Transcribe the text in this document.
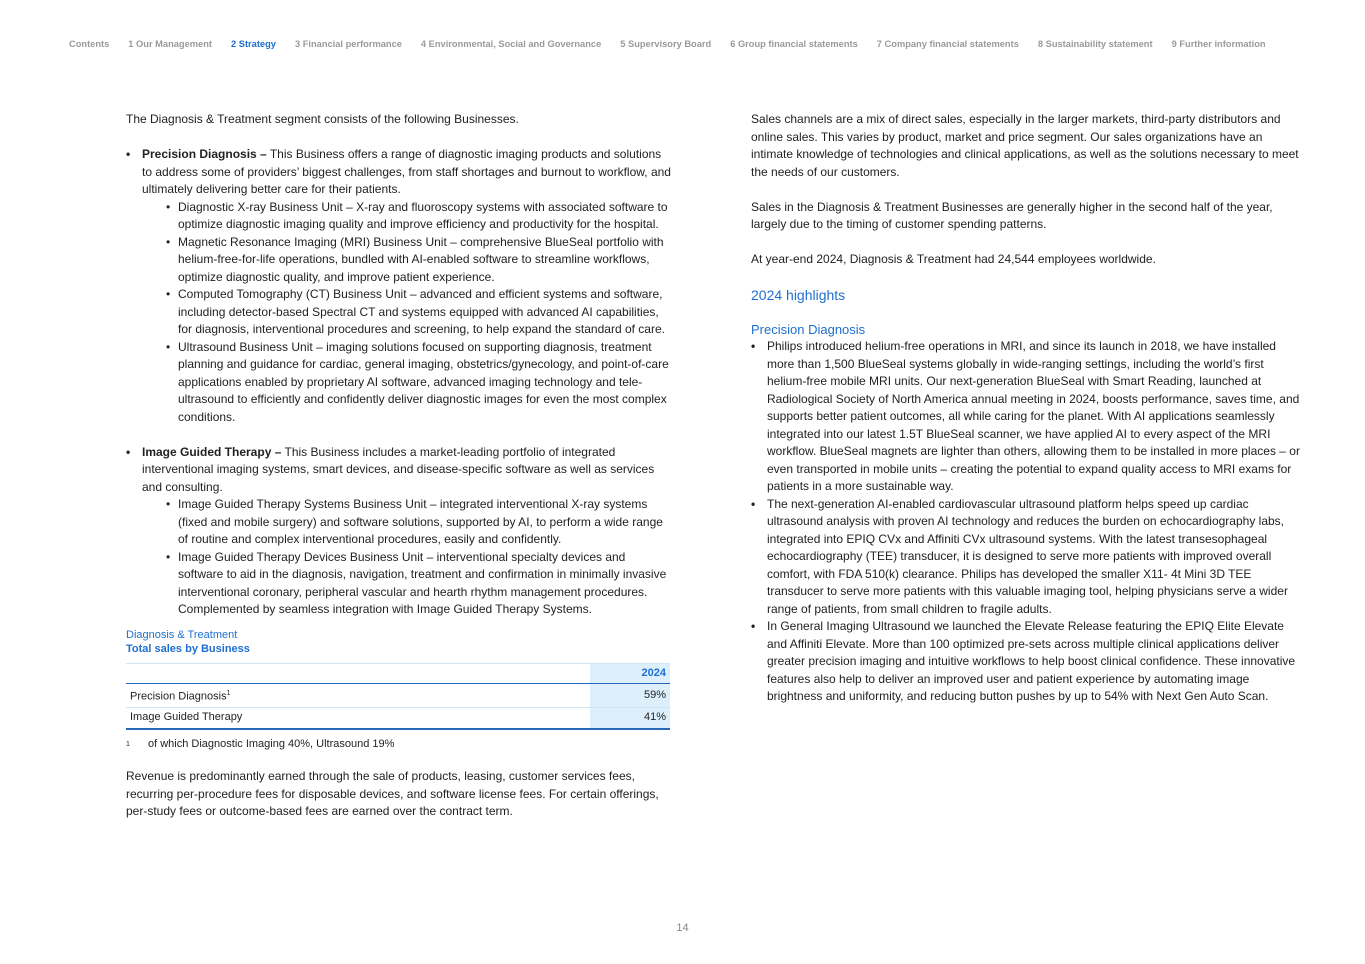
Contents 1 Our Management 2 Strategy 3 Financial performance 4 Environmental, Social and Governance 5 Supervisory Board 6 Group financial statements 7 Company financial statements 8 Sustainability statement 9 Further information

The Diagnosis & Treatment segment consists of the following Businesses.

• Precision Diagnosis – This Business offers a range of diagnostic imaging products and solutions to address some of providers’ biggest challenges, from staff shortages and burnout to workflow, and ultimately delivering better care for their patients.
• Diagnostic X-ray Business Unit – X-ray and fluoroscopy systems with associated software to optimize diagnostic imaging quality and improve efficiency and productivity for the hospital.
• Magnetic Resonance Imaging (MRI) Business Unit – comprehensive BlueSeal portfolio with helium-free-for-life operations, bundled with AI-enabled software to streamline workflows, optimize diagnostic quality, and improve patient experience.
• Computed Tomography (CT) Business Unit – advanced and efficient systems and software, including detector-based Spectral CT and systems equipped with advanced AI capabilities, for diagnosis, interventional procedures and screening, to help expand the standard of care.
• Ultrasound Business Unit – imaging solutions focused on supporting diagnosis, treatment planning and guidance for cardiac, general imaging, obstetrics/gynecology, and point-of-care applications enabled by proprietary AI software, advanced imaging technology and tele-ultrasound to efficiently and confidently deliver diagnostic images for even the most complex conditions.
• Image Guided Therapy – This Business includes a market-leading portfolio of integrated interventional imaging systems, smart devices, and disease-specific software as well as services and consulting.
• Image Guided Therapy Systems Business Unit – integrated interventional X-ray systems (fixed and mobile surgery) and software solutions, supported by AI, to perform a wide range of routine and complex interventional procedures, easily and confidently.
• Image Guided Therapy Devices Business Unit – interventional specialty devices and software to aid in the diagnosis, navigation, treatment and confirmation in minimally invasive interventional coronary, peripheral vascular and hearth rhythm management procedures. Complemented by seamless integration with Image Guided Therapy Systems.
Diagnosis & Treatment
Total sales by Business
	2024
Precision Diagnosis$^1$	59%
Image Guided Therapy	41%
1	of which Diagnostic Imaging 40%, Ultrasound 19%

Revenue is predominantly earned through the sale of products, leasing, customer services fees, recurring per-procedure fees for disposable devices, and software license fees. For certain offerings, per-study fees or outcome-based fees are earned over the contract term.

Sales channels are a mix of direct sales, especially in the larger markets, third-party distributors and online sales. This varies by product, market and price segment. Our sales organizations have an intimate knowledge of technologies and clinical applications, as well as the solutions necessary to meet the needs of our customers.

Sales in the Diagnosis & Treatment Businesses are generally higher in the second half of the year, largely due to the timing of customer spending patterns.

At year-end 2024, Diagnosis & Treatment had 24,544 employees worldwide.

2024 highlights
Precision Diagnosis
• Philips introduced helium-free operations in MRI, and since its launch in 2018, we have installed more than 1,500 BlueSeal systems globally in wide-ranging settings, including the world’s first helium-free mobile MRI units. Our next-generation BlueSeal with Smart Reading, launched at Radiological Society of North America annual meeting in 2024, boosts performance, saves time, and supports better patient outcomes, all while caring for the planet. With AI applications seamlessly integrated into our latest 1.5T BlueSeal scanner, we have applied AI to every aspect of the MRI workflow. BlueSeal magnets are lighter than others, allowing them to be installed in more places – or even transported in mobile units – creating the potential to expand quality access to MRI exams for patients in a more sustainable way.
• The next-generation AI-enabled cardiovascular ultrasound platform helps speed up cardiac ultrasound analysis with proven AI technology and reduces the burden on echocardiography labs, integrated into EPIQ CVx and Affiniti CVx ultrasound systems. With the latest transesophageal echocardiography (TEE) transducer, it is designed to serve more patients with improved overall comfort, with FDA 510(k) clearance. Philips has developed the smaller X11- 4t Mini 3D TEE transducer to serve more patients with this valuable imaging tool, helping physicians serve a wider range of patients, from small children to fragile adults.
• In General Imaging Ultrasound we launched the Elevate Release featuring the EPIQ Elite Elevate and Affiniti Elevate. More than 100 optimized pre-sets across multiple clinical applications deliver greater precision imaging and intuitive workflows to help boost clinical confidence. These innovative features also help to deliver an improved user and patient experience by automating image brightness and uniformity, and reducing button pushes by up to 54% with Next Gen Auto Scan.
14
